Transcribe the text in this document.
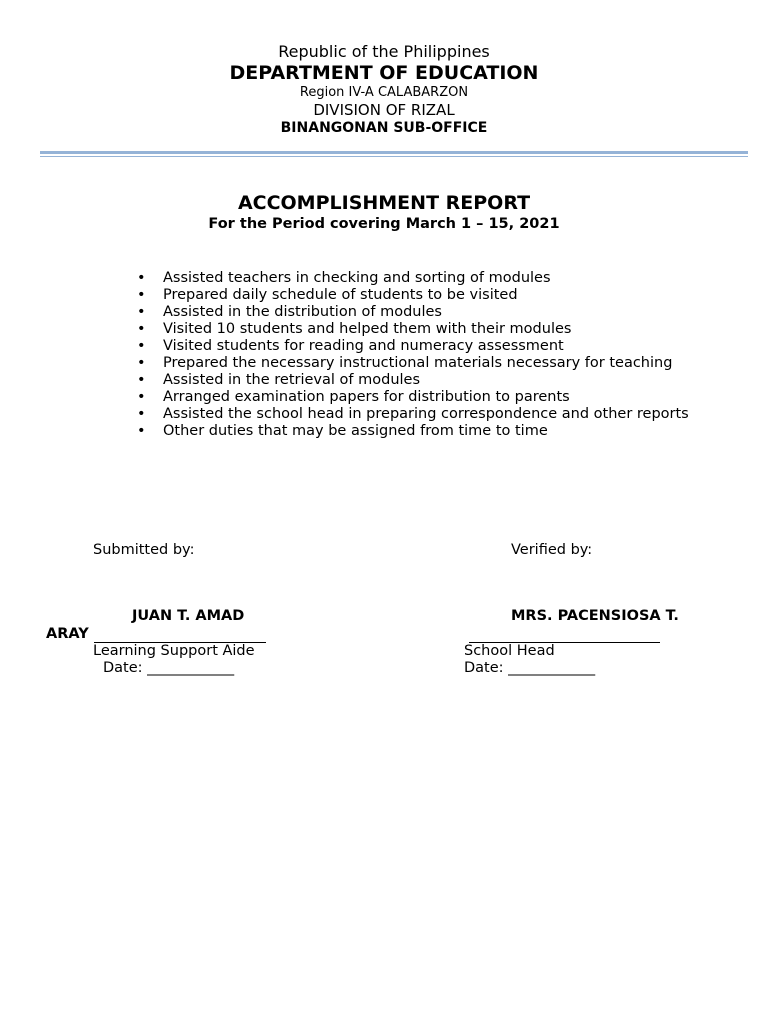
Republic of the Philippines
DEPARTMENT OF EDUCATION
Region IV-A CALABARZON
DIVISION OF RIZAL
BINANGONAN SUB-OFFICE
ACCOMPLISHMENT REPORT
For the Period covering March 1 – 15, 2021
• Assisted teachers in checking and sorting of modules
• Prepared daily schedule of students to be visited
• Assisted in the distribution of modules
• Visited 10 students and helped them with their modules
• Visited students for reading and numeracy assessment
• Prepared the necessary instructional materials necessary for teaching
• Assisted in the retrieval of modules
• Arranged examination papers for distribution to parents
• Assisted the school head in preparing correspondence and other reports
• Other duties that may be assigned from time to time
Submitted by:	Verified by:
JUAN T. AMAD	MRS. PACENSIOSA T.
ARAY
Learning Support Aide	School Head
Date: ____________	Date: ____________
